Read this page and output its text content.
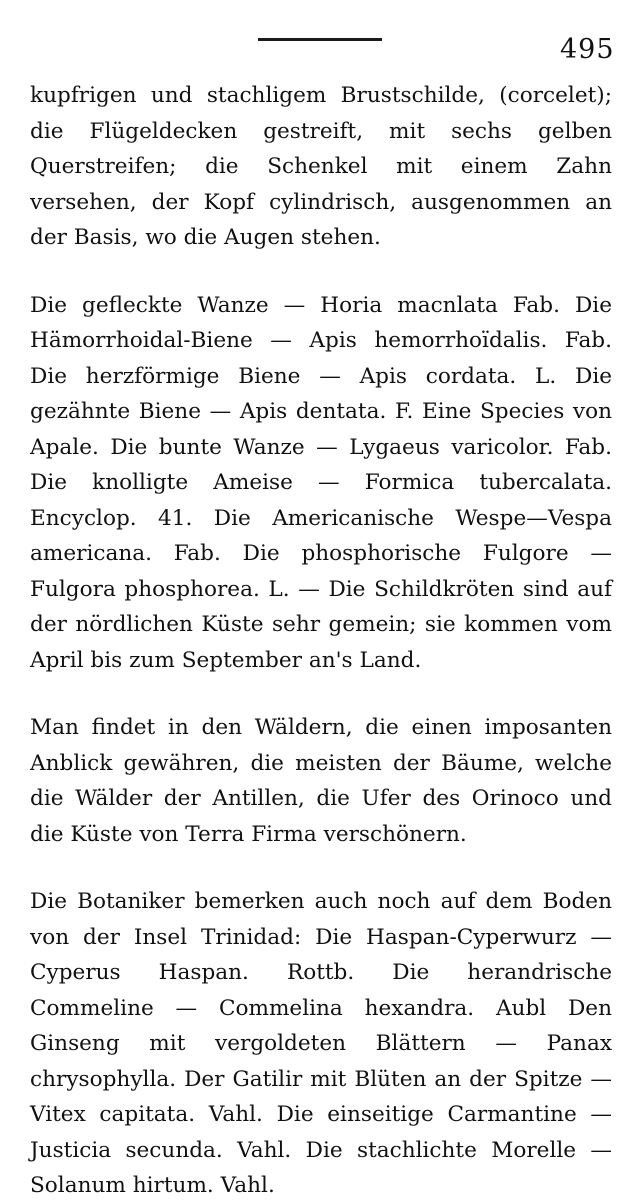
495

kupfrigen und stachligem Brustschilde, (corcelet); die Flügeldecken gestreift, mit sechs gelben Querstreifen; die Schenkel mit einem Zahn versehen, der Kopf cylindrisch, ausgenommen an der Basis, wo die Augen stehen.

Die gefleckte Wanze — Horia macnlata Fab. Die Hämorrhoidal-Biene — Apis hemorrhoïdalis. Fab. Die herzförmige Biene — Apis cordata. L. Die gezähnte Biene — Apis dentata. F. Eine Species von Apale. Die bunte Wanze — Lygaeus varicolor. Fab. Die knolligte Ameise — Formica tubercalata. Encyclop. 41. Die Americanische Wespe—Vespa americana. Fab. Die phosphorische Fulgore — Fulgora phosphorea. L. — Die Schildkröten sind auf der nördlichen Küste sehr gemein; sie kommen vom April bis zum September an's Land.

Man findet in den Wäldern, die einen imposanten Anblick gewähren, die meisten der Bäume, welche die Wälder der Antillen, die Ufer des Orinoco und die Küste von Terra Firma verschönern.

Die Botaniker bemerken auch noch auf dem Boden von der Insel Trinidad: Die Haspan-Cyperwurz — Cyperus Haspan. Rottb. Die herandrische Commeline — Commelina hexandra. Aubl Den Ginseng mit vergoldeten Blättern — Panax chrysophylla. Der Gatilir mit Blüten an der Spitze — Vitex capitata. Vahl. Die einseitige Carmantine — Justicia secunda. Vahl. Die stachlichte Morelle — Solanum hirtum. Vahl.
